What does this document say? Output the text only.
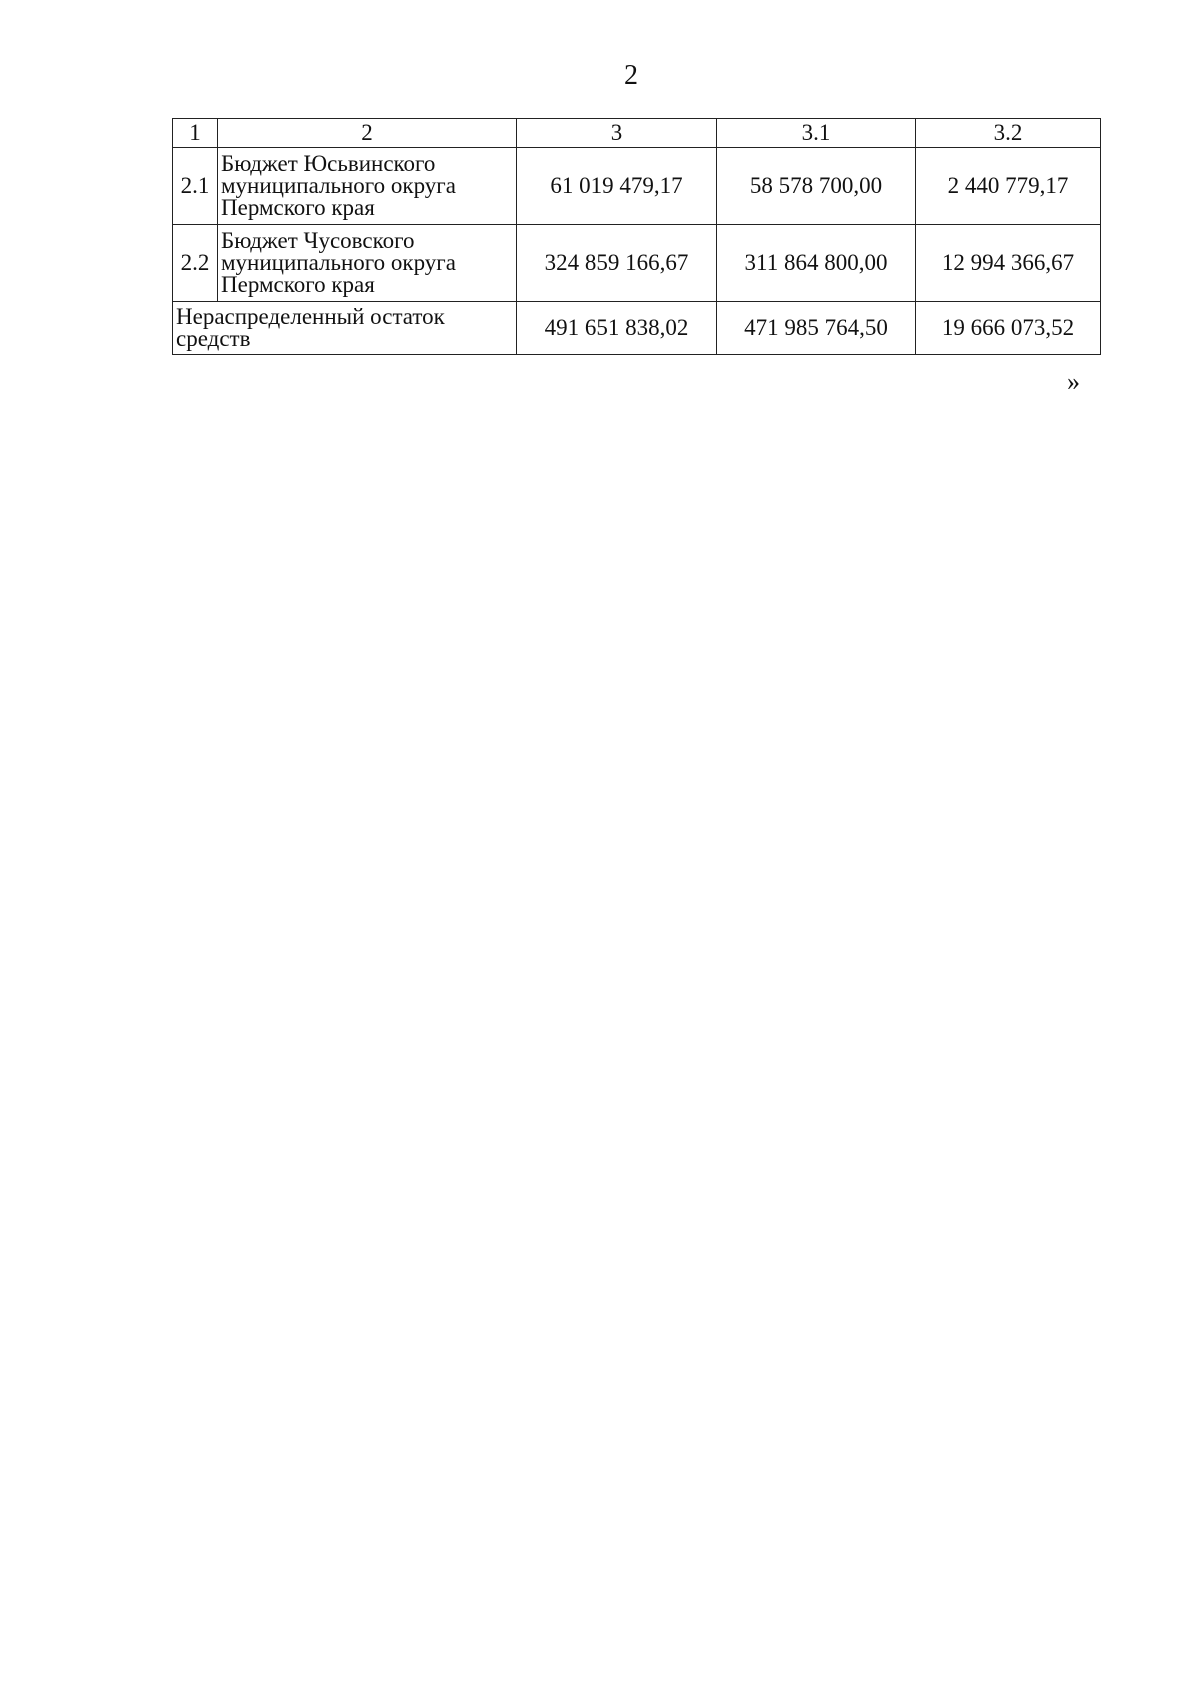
2
1	2	3	3.1	3.2
2.1	Бюджет Юсьвинского муниципального округа Пермского края	61 019 479,17	58 578 700,00	2 440 779,17
2.2	Бюджет Чусовского муниципального округа Пермского края	324 859 166,67	311 864 800,00	12 994 366,67
Нераспределенный остаток средств		491 651 838,02	471 985 764,50	19 666 073,52
»
